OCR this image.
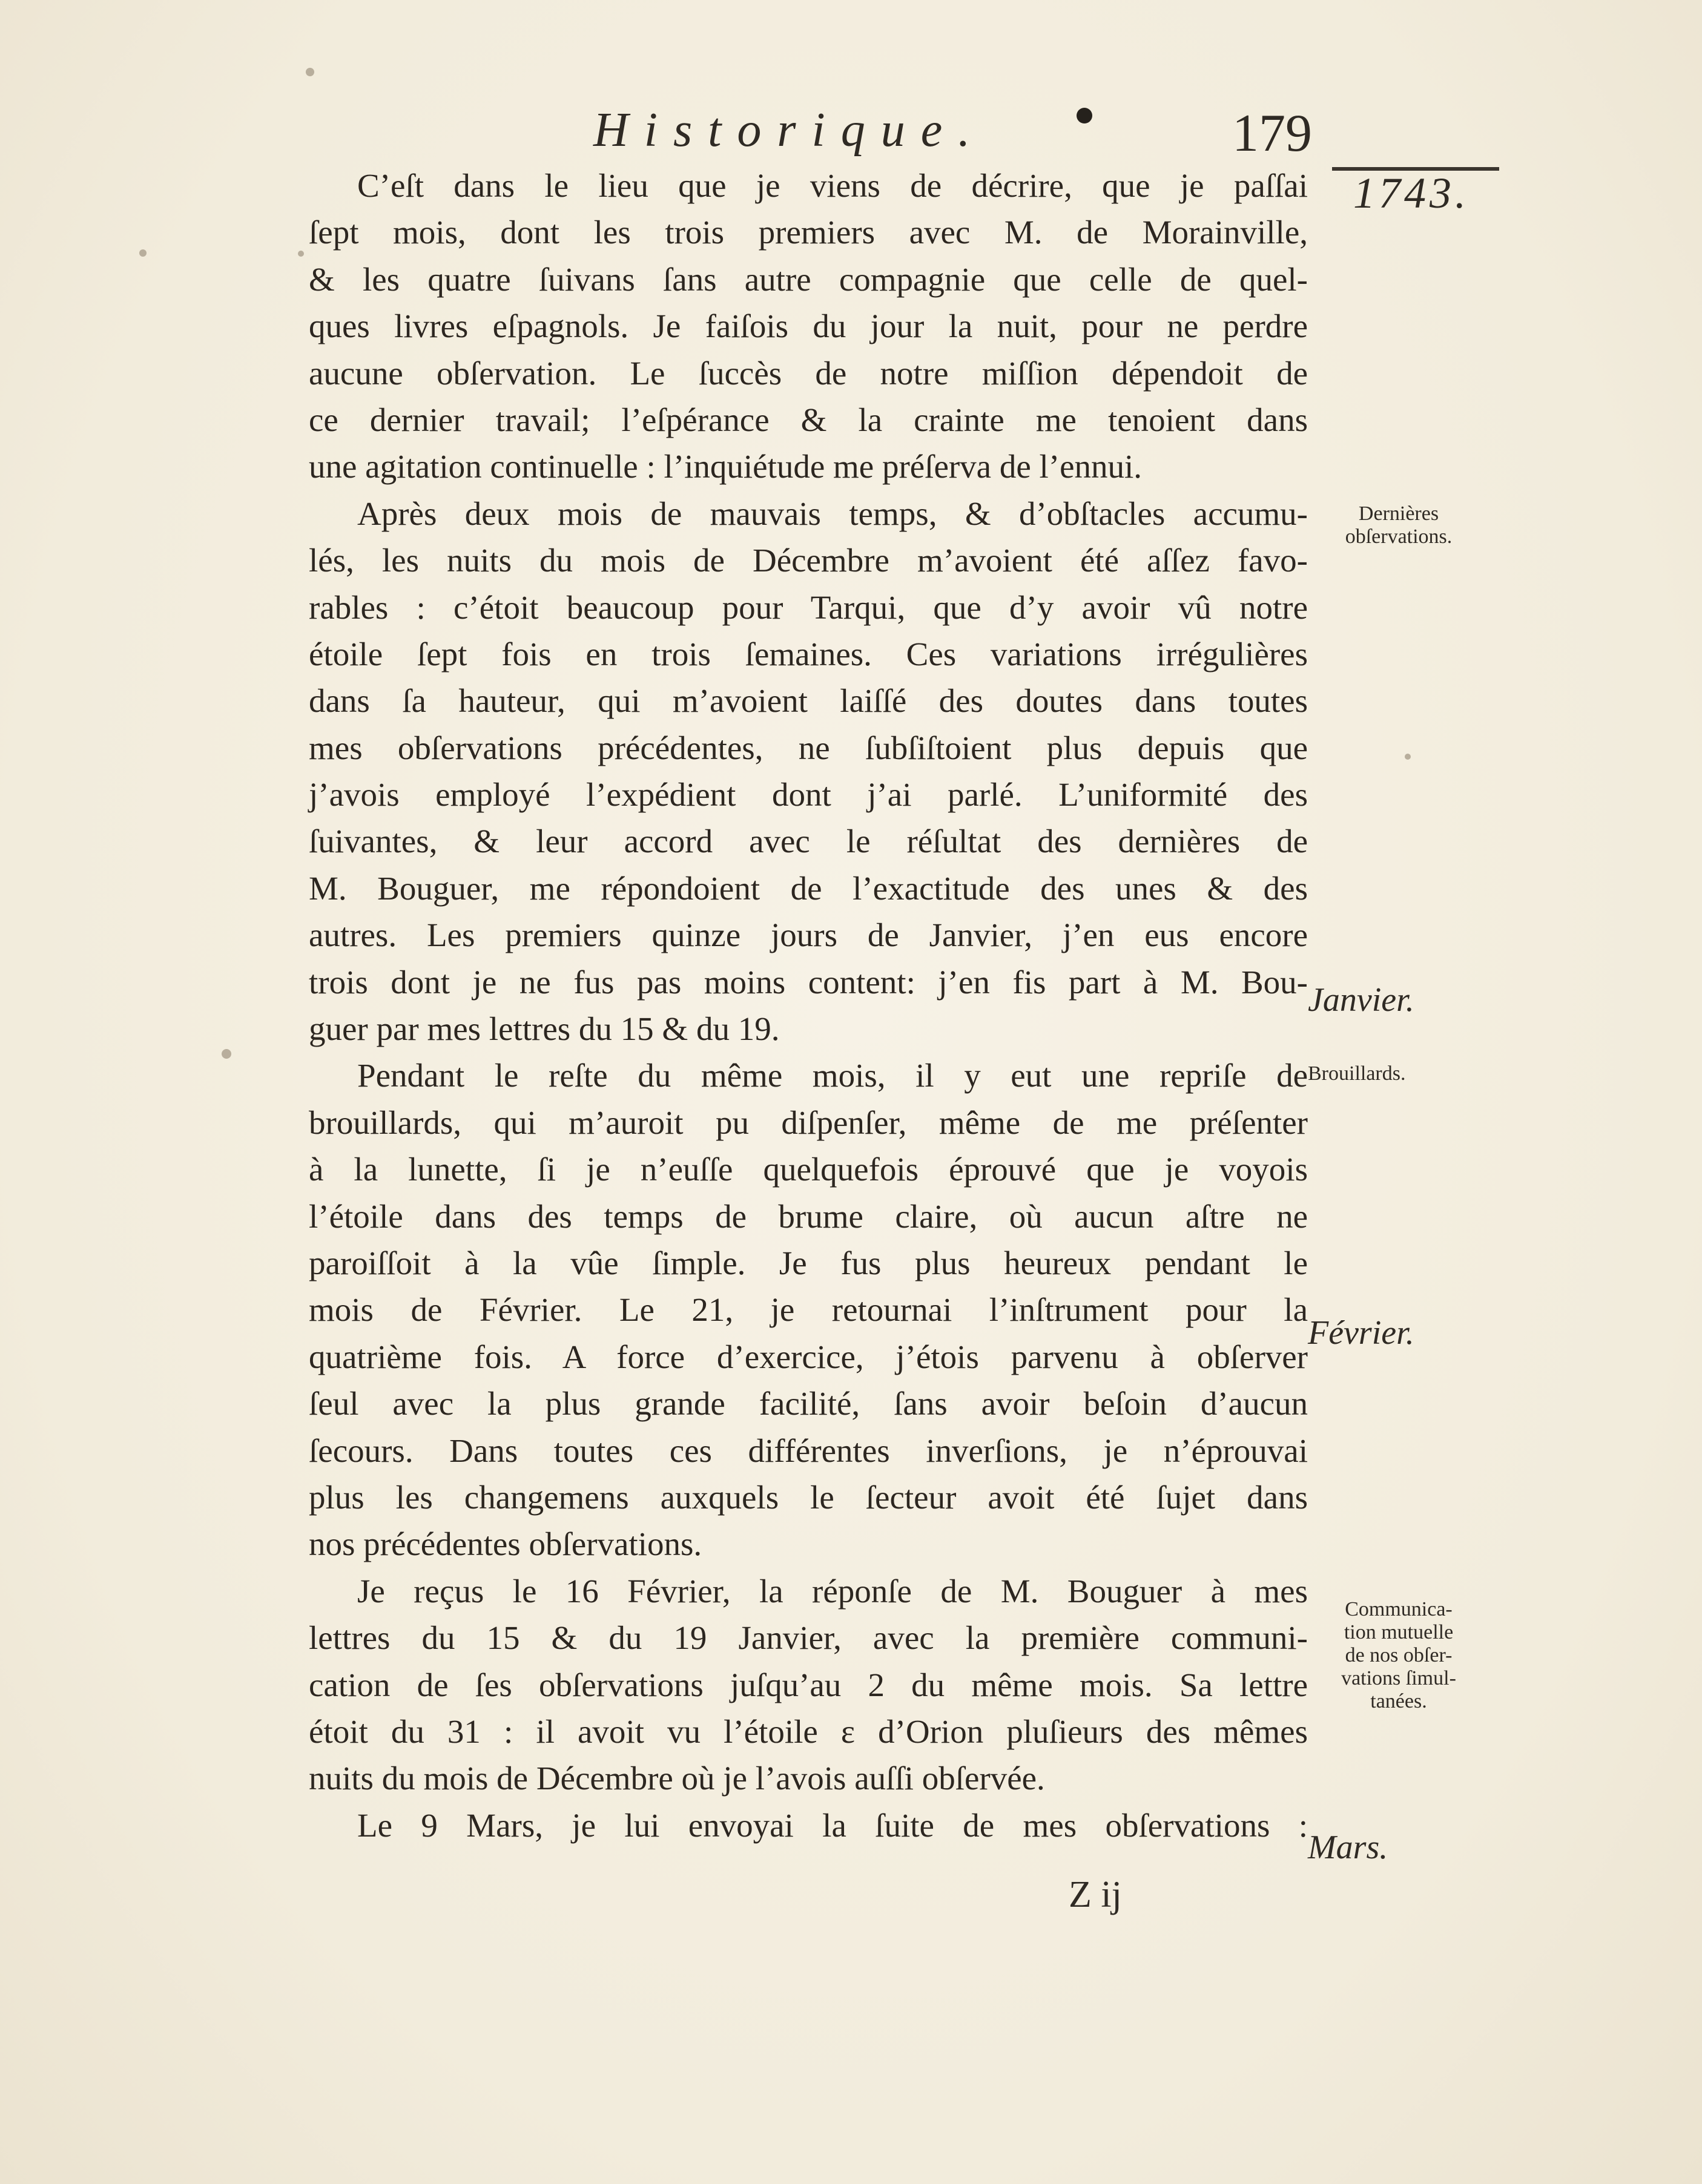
Historique.	179
1743.
C’eſt dans le lieu que je viens de décrire, que je paſſai
ſept mois, dont les trois premiers avec M. de Morainville,
& les quatre ſuivans ſans autre compagnie que celle de quel-
ques livres eſpagnols. Je faiſois du jour la nuit, pour ne perdre
aucune obſervation. Le ſuccès de notre miſſion dépendoit de
ce dernier travail; l’eſpérance & la crainte me tenoient dans
une agitation continuelle : l’inquiétude me préſerva de l’ennui.
Après deux mois de mauvais temps, & d’obſtacles accumu-
lés, les nuits du mois de Décembre m’avoient été aſſez favo-
rables : c’étoit beaucoup pour Tarqui, que d’y avoir vû notre
étoile ſept fois en trois ſemaines. Ces variations irrégulières
dans ſa hauteur, qui m’avoient laiſſé des doutes dans toutes
mes obſervations précédentes, ne ſubſiſtoient plus depuis que
j’avois employé l’expédient dont j’ai parlé. L’uniformité des
ſuivantes, & leur accord avec le réſultat des dernières de
M. Bouguer, me répondoient de l’exactitude des unes & des
autres. Les premiers quinze jours de Janvier, j’en eus encore
trois dont je ne fus pas moins content: j’en fis part à M. Bou-
guer par mes lettres du 15 & du 19.
Pendant le reſte du même mois, il y eut une repriſe de
brouillards, qui m’auroit pu diſpenſer, même de me préſenter
à la lunette, ſi je n’euſſe quelquefois éprouvé que je voyois
l’étoile dans des temps de brume claire, où aucun aſtre ne
paroiſſoit à la vûe ſimple. Je fus plus heureux pendant le
mois de Février. Le 21, je retournai l’inſtrument pour la
quatrième fois. A force d’exercice, j’étois parvenu à obſerver
ſeul avec la plus grande facilité, ſans avoir beſoin d’aucun
ſecours. Dans toutes ces différentes inverſions, je n’éprouvai
plus les changemens auxquels le ſecteur avoit été ſujet dans
nos précédentes obſervations.
Je reçus le 16 Février, la réponſe de M. Bouguer à mes
lettres du 15 & du 19 Janvier, avec la première communi-
cation de ſes obſervations juſqu’au 2 du même mois. Sa lettre
étoit du 31 : il avoit vu l’étoile ε d’Orion pluſieurs des mêmes
nuits du mois de Décembre où je l’avois auſſi obſervée.
Le 9 Mars, je lui envoyai la ſuite de mes obſervations :
Dernières
obſervations.
Janvier.
Brouillards.
Février.
Communica-
tion mutuelle
de nos obſer-
vations ſimul-
tanées.
Mars.
Z ij
